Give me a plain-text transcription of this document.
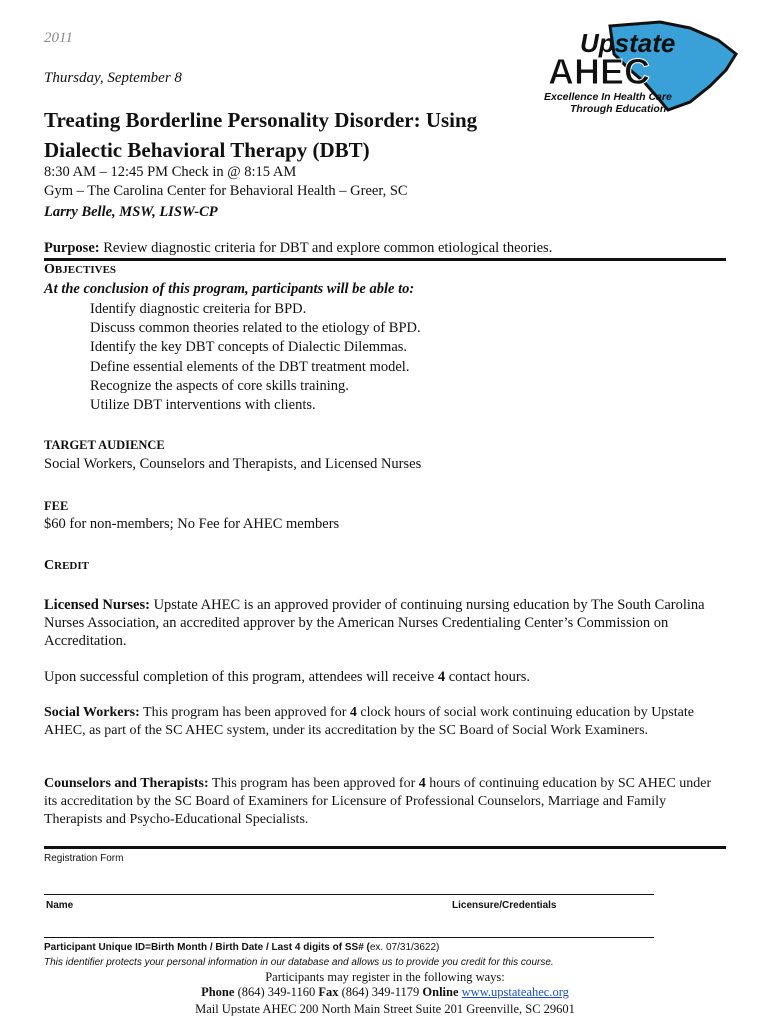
2011
Thursday, September 8
Upstate
AHEC
Excellence In Health Care
Through Education
Treating Borderline Personality Disorder: Using
Dialectic Behavioral Therapy (DBT)
8:30 AM – 12:45 PM Check in @ 8:15 AM
Gym – The Carolina Center for Behavioral Health – Greer, SC
Larry Belle, MSW, LISW-CP
Purpose: Review diagnostic criteria for DBT and explore common etiological theories.
OBJECTIVES
At the conclusion of this program, participants will be able to:
Identify diagnostic creiteria for BPD.
Discuss common theories related to the etiology of BPD.
Identify the key DBT concepts of Dialectic Dilemmas.
Define essential elements of the DBT treatment model.
Recognize the aspects of core skills training.
Utilize DBT interventions with clients.
TARGET AUDIENCE
Social Workers, Counselors and Therapists, and Licensed Nurses
FEE
$60 for non-members; No Fee for AHEC members
CREDIT
Licensed Nurses: Upstate AHEC is an approved provider of continuing nursing education by The South Carolina Nurses Association, an accredited approver by the American Nurses Credentialing Center’s Commission on Accreditation.
Upon successful completion of this program, attendees will receive 4 contact hours.
Social Workers: This program has been approved for 4 clock hours of social work continuing education by Upstate AHEC, as part of the SC AHEC system, under its accreditation by the SC Board of Social Work Examiners.
Counselors and Therapists: This program has been approved for 4 hours of continuing education by SC AHEC under its accreditation by the SC Board of Examiners for Licensure of Professional Counselors, Marriage and Family Therapists and Psycho-Educational Specialists.
Registration Form
Name	Licensure/Credentials
Participant Unique ID=Birth Month / Birth Date / Last 4 digits of SS# (ex. 07/31/3622)
This identifier protects your personal information in our database and allows us to provide you credit for this course.
Participants may register in the following ways:
Phone (864) 349-1160 Fax (864) 349-1179 Online www.upstateahec.org
Mail Upstate AHEC 200 North Main Street Suite 201 Greenville, SC 29601
